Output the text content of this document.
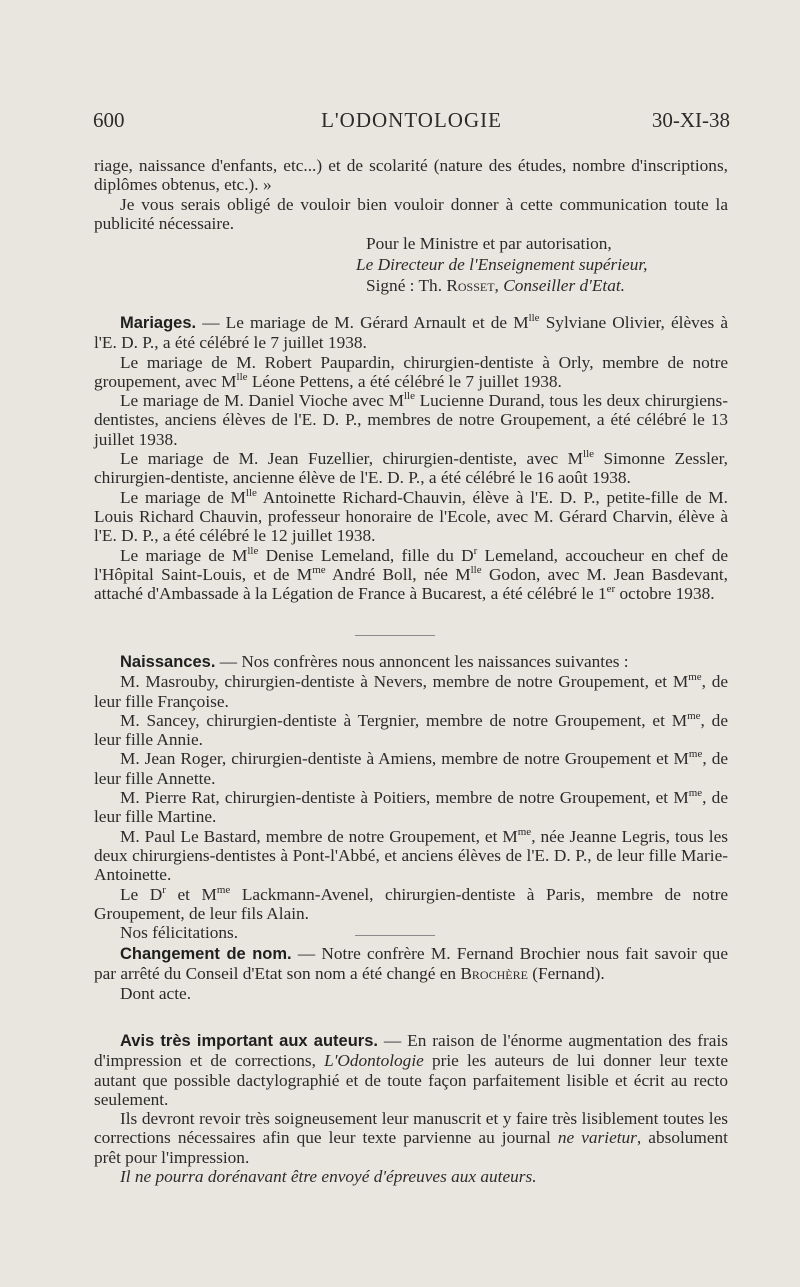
600	L'ODONTOLOGIE	30-XI-38

riage, naissance d'enfants, etc...) et de scolarité (nature des études, nombre d'inscriptions, diplômes obtenus, etc.). »

Je vous serais obligé de vouloir bien vouloir donner à cette communication toute la publicité nécessaire.

Pour le Ministre et par autorisation,
Le Directeur de l'Enseignement supérieur,
Signé : Th. Rosset, Conseiller d'Etat.

Mariages. — Le mariage de M. Gérard Arnault et de $M^{lle}$ Sylviane Olivier, élèves à l'E. D. P., a été célébré le 7 juillet 1938.

Le mariage de M. Robert Paupardin, chirurgien-dentiste à Orly, membre de notre groupement, avec $M^{lle}$ Léone Pettens, a été célébré le 7 juillet 1938.

Le mariage de M. Daniel Vioche avec $M^{lle}$ Lucienne Durand, tous les deux chirurgiens-dentistes, anciens élèves de l'E. D. P., membres de notre Groupement, a été célébré le 13 juillet 1938.

Le mariage de M. Jean Fuzellier, chirurgien-dentiste, avec $M^{lle}$ Simonne Zessler, chirurgien-dentiste, ancienne élève de l'E. D. P., a été célébré le 16 août 1938.

Le mariage de $M^{lle}$ Antoinette Richard-Chauvin, élève à l'E. D. P., petite-fille de M. Louis Richard Chauvin, professeur honoraire de l'Ecole, avec M. Gérard Charvin, élève à l'E. D. P., a été célébré le 12 juillet 1938.

Le mariage de $M^{lle}$ Denise Lemeland, fille du $D^r$ Lemeland, accoucheur en chef de l'Hôpital Saint-Louis, et de $M^{me}$ André Boll, née $M^{lle}$ Godon, avec M. Jean Basdevant, attaché d'Ambassade à la Légation de France à Bucarest, a été célébré le 1er octobre 1938.

Naissances. — Nos confrères nous annoncent les naissances suivantes :

M. Masrouby, chirurgien-dentiste à Nevers, membre de notre Groupement, et $M^{me}$, de leur fille Françoise.

M. Sancey, chirurgien-dentiste à Tergnier, membre de notre Groupement, et $M^{me}$, de leur fille Annie.

M. Jean Roger, chirurgien-dentiste à Amiens, membre de notre Groupement et $M^{me}$, de leur fille Annette.

M. Pierre Rat, chirurgien-dentiste à Poitiers, membre de notre Groupement, et $M^{me}$, de leur fille Martine.

M. Paul Le Bastard, membre de notre Groupement, et $M^{me}$, née Jeanne Legris, tous les deux chirurgiens-dentistes à Pont-l'Abbé, et anciens élèves de l'E. D. P., de leur fille Marie-Antoinette.

Le $D^r$ et $M^{me}$ Lackmann-Avenel, chirurgien-dentiste à Paris, membre de notre Groupement, de leur fils Alain.

Nos félicitations.

Changement de nom. — Notre confrère M. Fernand Brochier nous fait savoir que par arrêté du Conseil d'Etat son nom a été changé en Brochère (Fernand).

Dont acte.

Avis très important aux auteurs. — En raison de l'énorme augmentation des frais d'impression et de corrections, L'Odontologie prie les auteurs de lui donner leur texte autant que possible dactylographié et de toute façon parfaitement lisible et écrit au recto seulement.

Ils devront revoir très soigneusement leur manuscrit et y faire très lisiblement toutes les corrections nécessaires afin que leur texte parvienne au journal ne varietur, absolument prêt pour l'impression.

Il ne pourra dorénavant être envoyé d'épreuves aux auteurs.
